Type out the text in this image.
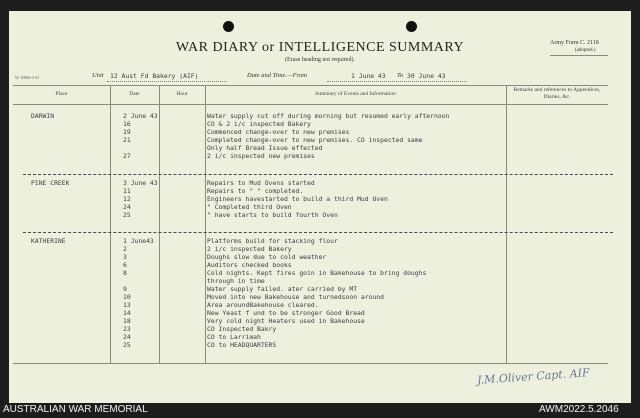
WAR DIARY or INTELLIGENCE SUMMARY
(Erase heading not required).
Army Form C. 2118
(adopted.)
W. 10000-3-41	Unit 12 Aust Fd Bakery (AIF)	Date and Time.—From	1 June 43 To 30 June 43
Place	Date	Hour	Summary of Events and Information
Remarks and references to Appendices, Diaries, &c.
DARWIN	2 June 43	Water supply cut off during morning but resumed early afternoon
16	CO & 2 i/c inspected Bakery
19	Commenced change-over to new premises
21	Completed change-over to new premises. CO inspected same
Only half Bread Issue effected
27	2 i/c inspected new premises
PINE CREEK	3 June 43	Repairs to Mud Ovens started
11	Repairs to " " completed.
12	Engineers havestarted to build a third Mud Oven
24	" Completed third Oven
25	" have starts to build fourth Oven
KATHERINE	1 June43	Platforms build for stacking flour
2	2 i/c inspected Bakery
3	Doughs slow due to cold weather
6	Auditors checked books
8	Cold nights. Kept fires goin in Bakehouse to bring doughs
through in time
9	Water supply failed. ater carried by MT
10	Moved into new Bakehouse and turnedsoon around
13	Area aroundBakehouse cleared.
14	New Yeast f und to be stronger Good Bread
18	Very cold night Heaters used in Bakehouse
23	CO Inspected Bakry
24	CO to Larrimah
25	CO to HEADQUARTERS
J.M.Oliver Capt. AIF
AUSTRALIAN WAR MEMORIAL	AWM2022.5.2046
